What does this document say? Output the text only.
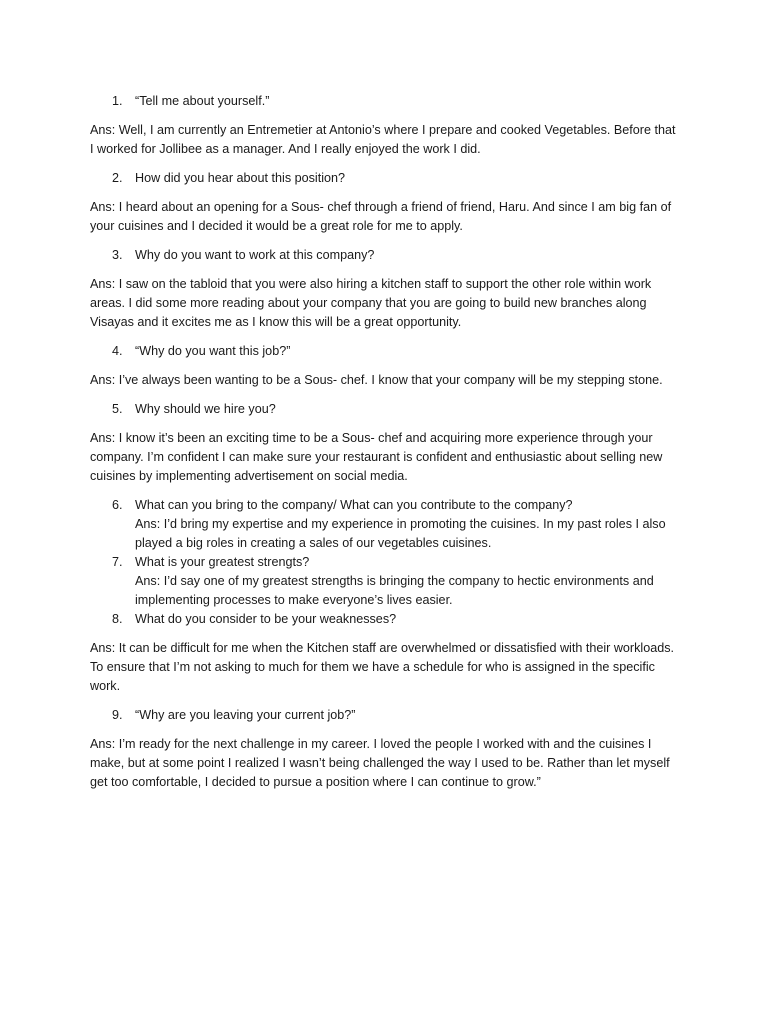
1. “Tell me about yourself.”

Ans: Well, I am currently an Entremetier at Antonio’s where I prepare and cooked Vegetables. Before that I worked for Jollibee as a manager. And I really enjoyed the work I did.

2. How did you hear about this position?

Ans: I heard about an opening for a Sous- chef through a friend of friend, Haru. And since I am big fan of your cuisines and I decided it would be a great role for me to apply.

3. Why do you want to work at this company?

Ans: I saw on the tabloid that you were also hiring a kitchen staff to support the other role within work areas. I did some more reading about your company that you are going to build new branches along Visayas and it excites me as I know this will be a great opportunity.

4. “Why do you want this job?”

Ans: I’ve always been wanting to be a Sous- chef. I know that your company will be my stepping stone.

5. Why should we hire you?

Ans: I know it’s been an exciting time to be a Sous- chef and acquiring more experience through your company. I’m confident I can make sure your restaurant is confident and enthusiastic about selling new cuisines by implementing advertisement on social media.

6. What can you bring to the company/ What can you contribute to the company?

Ans: I’d bring my expertise and my experience in promoting the cuisines. In my past roles I also played a big roles in creating a sales of our vegetables cuisines.

7. What is your greatest strengts?

Ans: I’d say one of my greatest strengths is bringing the company to hectic environments and implementing processes to make everyone’s lives easier.

8. What do you consider to be your weaknesses?

Ans: It can be difficult for me when the Kitchen staff are overwhelmed or dissatisfied with their workloads. To ensure that I’m not asking to much for them we have a schedule for who is assigned in the specific work.

9. “Why are you leaving your current job?”

Ans: I’m ready for the next challenge in my career. I loved the people I worked with and the cuisines I make, but at some point I realized I wasn’t being challenged the way I used to be. Rather than let myself get too comfortable, I decided to pursue a position where I can continue to grow.”
